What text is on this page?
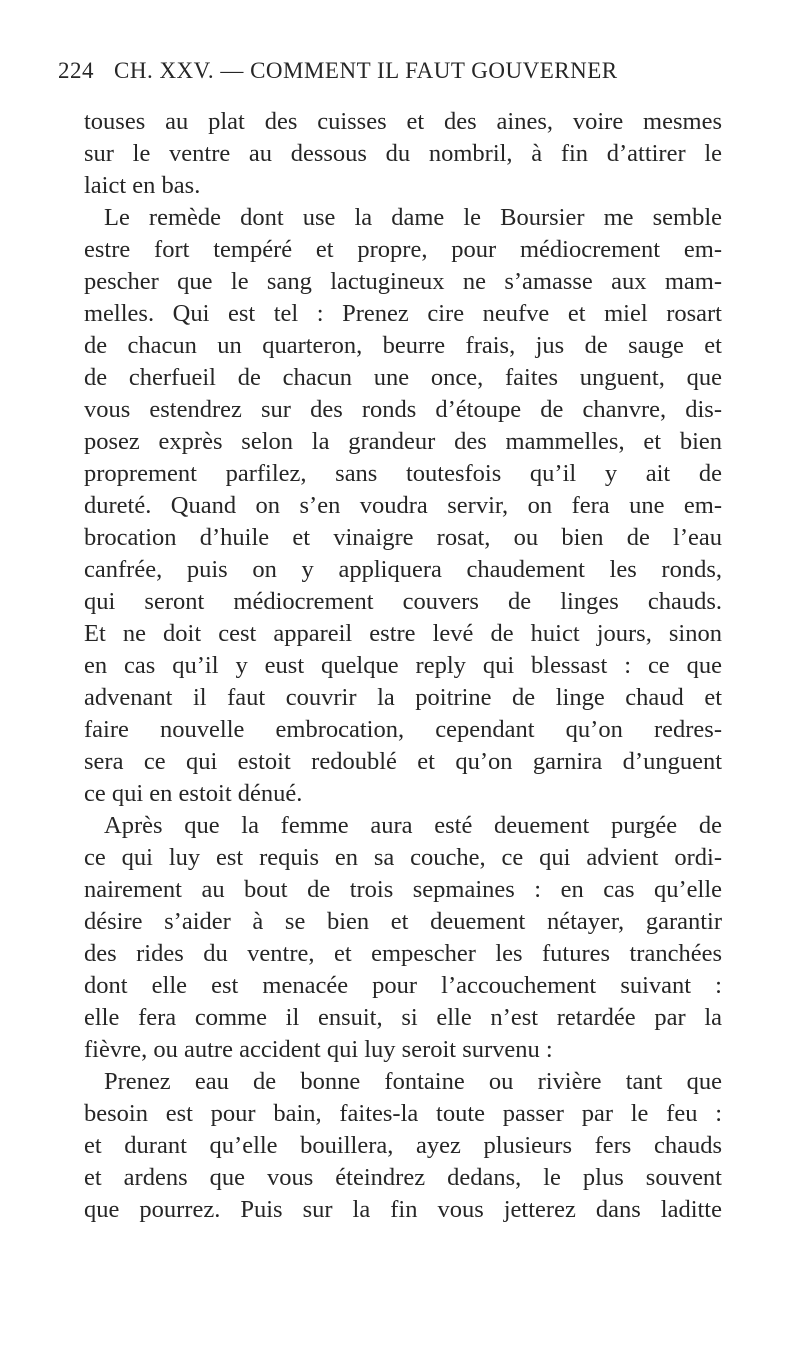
224 CH. XXV. — COMMENT IL FAUT GOUVERNER
touses au plat des cuisses et des aines, voire mesmes
sur le ventre au dessous du nombril, à fin d’attirer le
laict en bas.
Le remède dont use la dame le Boursier me semble
estre fort tempéré et propre, pour médiocrement em-
pescher que le sang lactugineux ne s’amasse aux mam-
melles. Qui est tel : Prenez cire neufve et miel rosart
de chacun un quarteron, beurre frais, jus de sauge et
de cherfueil de chacun une once, faites unguent, que
vous estendrez sur des ronds d’étoupe de chanvre, dis-
posez exprès selon la grandeur des mammelles, et bien
proprement parfilez, sans toutesfois qu’il y ait de
dureté. Quand on s’en voudra servir, on fera une em-
brocation d’huile et vinaigre rosat, ou bien de l’eau
canfrée, puis on y appliquera chaudement les ronds,
qui seront médiocrement couvers de linges chauds.
Et ne doit cest appareil estre levé de huict jours, sinon
en cas qu’il y eust quelque reply qui blessast : ce que
advenant il faut couvrir la poitrine de linge chaud et
faire nouvelle embrocation, cependant qu’on redres-
sera ce qui estoit redoublé et qu’on garnira d’unguent
ce qui en estoit dénué.
Après que la femme aura esté deuement purgée de
ce qui luy est requis en sa couche, ce qui advient ordi-
nairement au bout de trois sepmaines : en cas qu’elle
désire s’aider à se bien et deuement nétayer, garantir
des rides du ventre, et empescher les futures tranchées
dont elle est menacée pour l’accouchement suivant :
elle fera comme il ensuit, si elle n’est retardée par la
fièvre, ou autre accident qui luy seroit survenu :
Prenez eau de bonne fontaine ou rivière tant que
besoin est pour bain, faites-la toute passer par le feu :
et durant qu’elle bouillera, ayez plusieurs fers chauds
et ardens que vous éteindrez dedans, le plus souvent
que pourrez. Puis sur la fin vous jetterez dans laditte
